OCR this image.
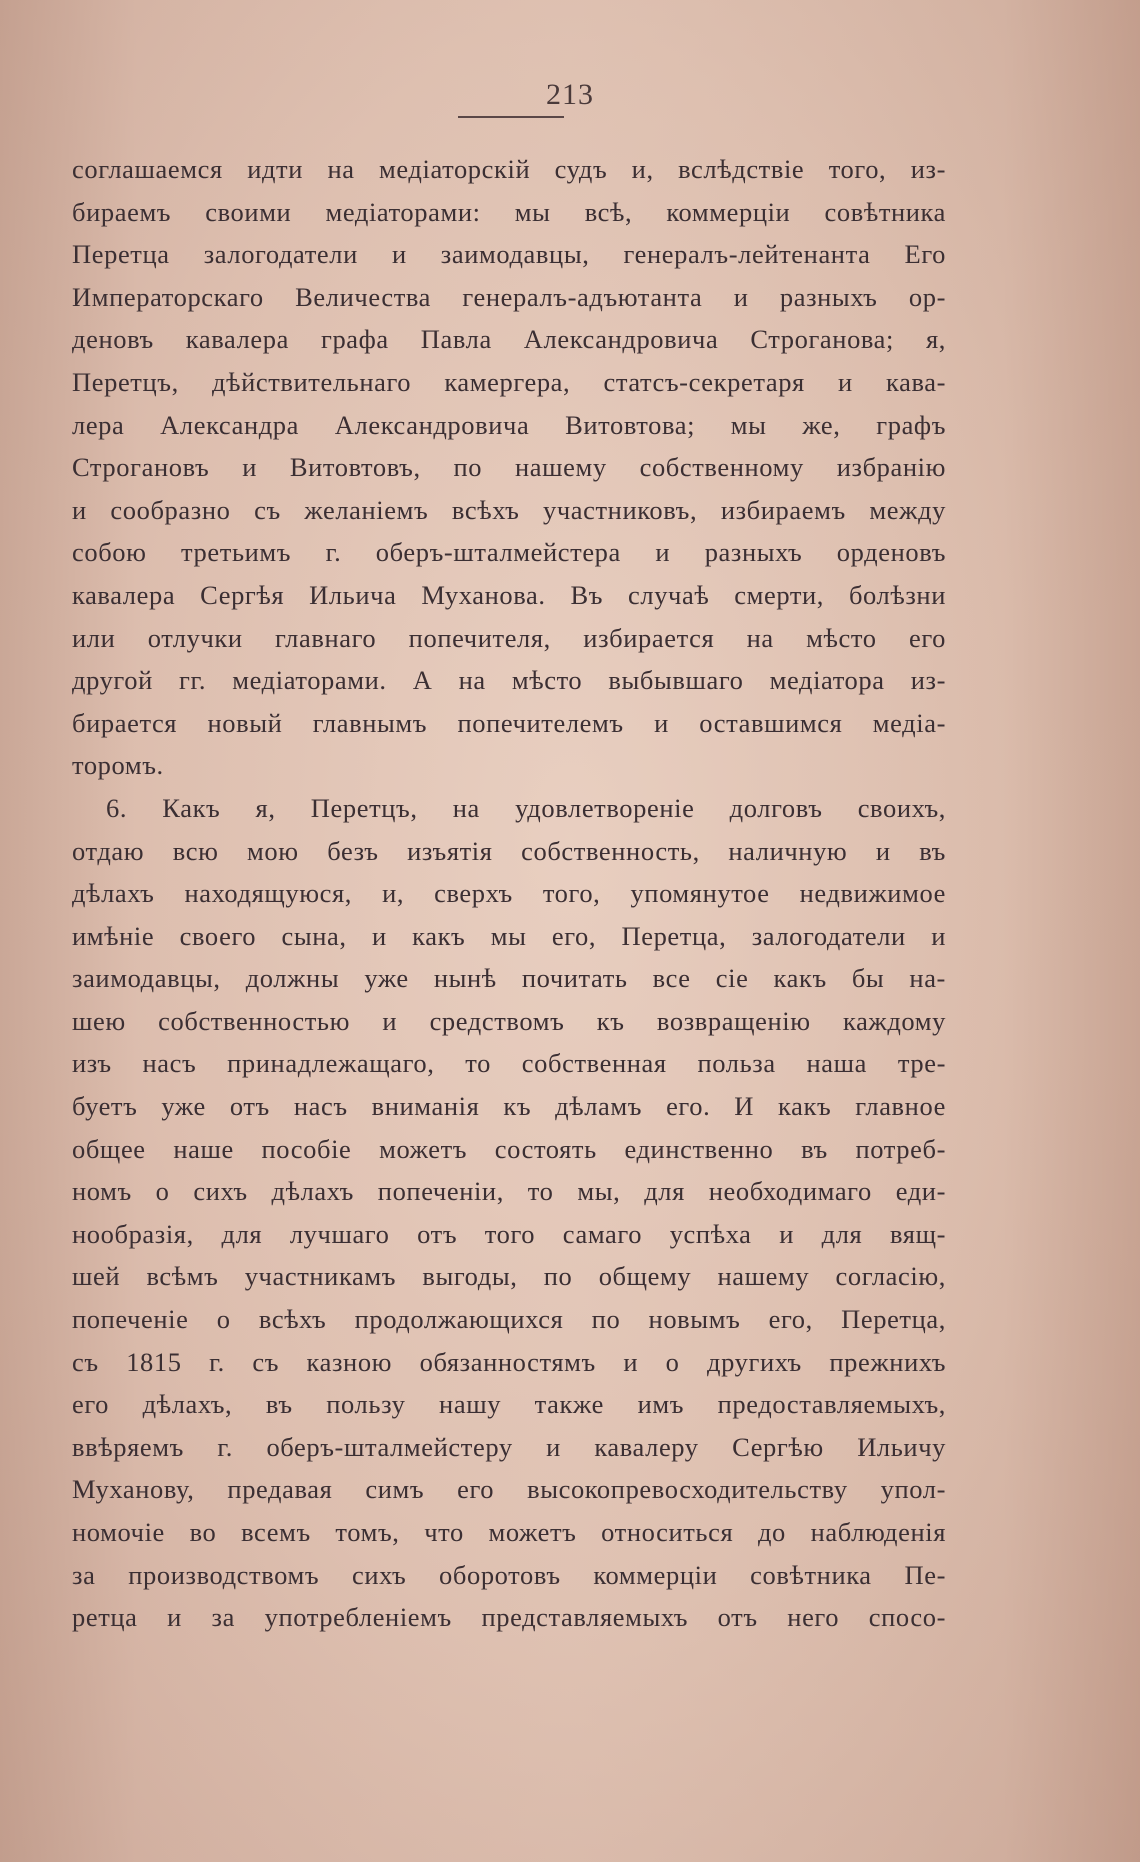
213
соглашаемся идти на медіаторскій судъ и, вслѣдствіе того, из-
бираемъ своими медіаторами: мы всѣ, коммерціи совѣтника
Перетца залогодатели и заимодавцы, генералъ-лейтенанта Его
Императорскаго Величества генералъ-адъютанта и разныхъ ор-
деновъ кавалера графа Павла Александровича Строганова; я,
Перетцъ, дѣйствительнаго камергера, статсъ-секретаря и кава-
лера Александра Александровича Витовтова; мы же, графъ
Строгановъ и Витовтовъ, по нашему собственному избранію
и сообразно съ желаніемъ всѣхъ участниковъ, избираемъ между
собою третьимъ г. оберъ-шталмейстера и разныхъ орденовъ
кавалера Сергѣя Ильича Муханова. Въ случаѣ смерти, болѣзни
или отлучки главнаго попечителя, избирается на мѣсто его
другой гг. медіаторами. А на мѣсто выбывшаго медіатора из-
бирается новый главнымъ попечителемъ и оставшимся медіа-
торомъ.
6. Какъ я, Перетцъ, на удовлетвореніе долговъ своихъ,
отдаю всю мою безъ изъятія собственность, наличную и въ
дѣлахъ находящуюся, и, сверхъ того, упомянутое недвижимое
имѣніе своего сына, и какъ мы его, Перетца, залогодатели и
заимодавцы, должны уже нынѣ почитать все сіе какъ бы на-
шею собственностью и средствомъ къ возвращенію каждому
изъ насъ принадлежащаго, то собственная польза наша тре-
буетъ уже отъ насъ вниманія къ дѣламъ его. И какъ главное
общее наше пособіе можетъ состоять единственно въ потреб-
номъ о сихъ дѣлахъ попеченіи, то мы, для необходимаго еди-
нообразія, для лучшаго отъ того самаго успѣха и для вящ-
шей всѣмъ участникамъ выгоды, по общему нашему согласію,
попеченіе о всѣхъ продолжающихся по новымъ его, Перетца,
съ 1815 г. съ казною обязанностямъ и о другихъ прежнихъ
его дѣлахъ, въ пользу нашу также имъ предоставляемыхъ,
ввѣряемъ г. оберъ-шталмейстеру и кавалеру Сергѣю Ильичу
Муханову, предавая симъ его высокопревосходительству упол-
номочіе во всемъ томъ, что можетъ относиться до наблюденія
за производствомъ сихъ оборотовъ коммерціи совѣтника Пе-
ретца и за употребленіемъ представляемыхъ отъ него спосо-
